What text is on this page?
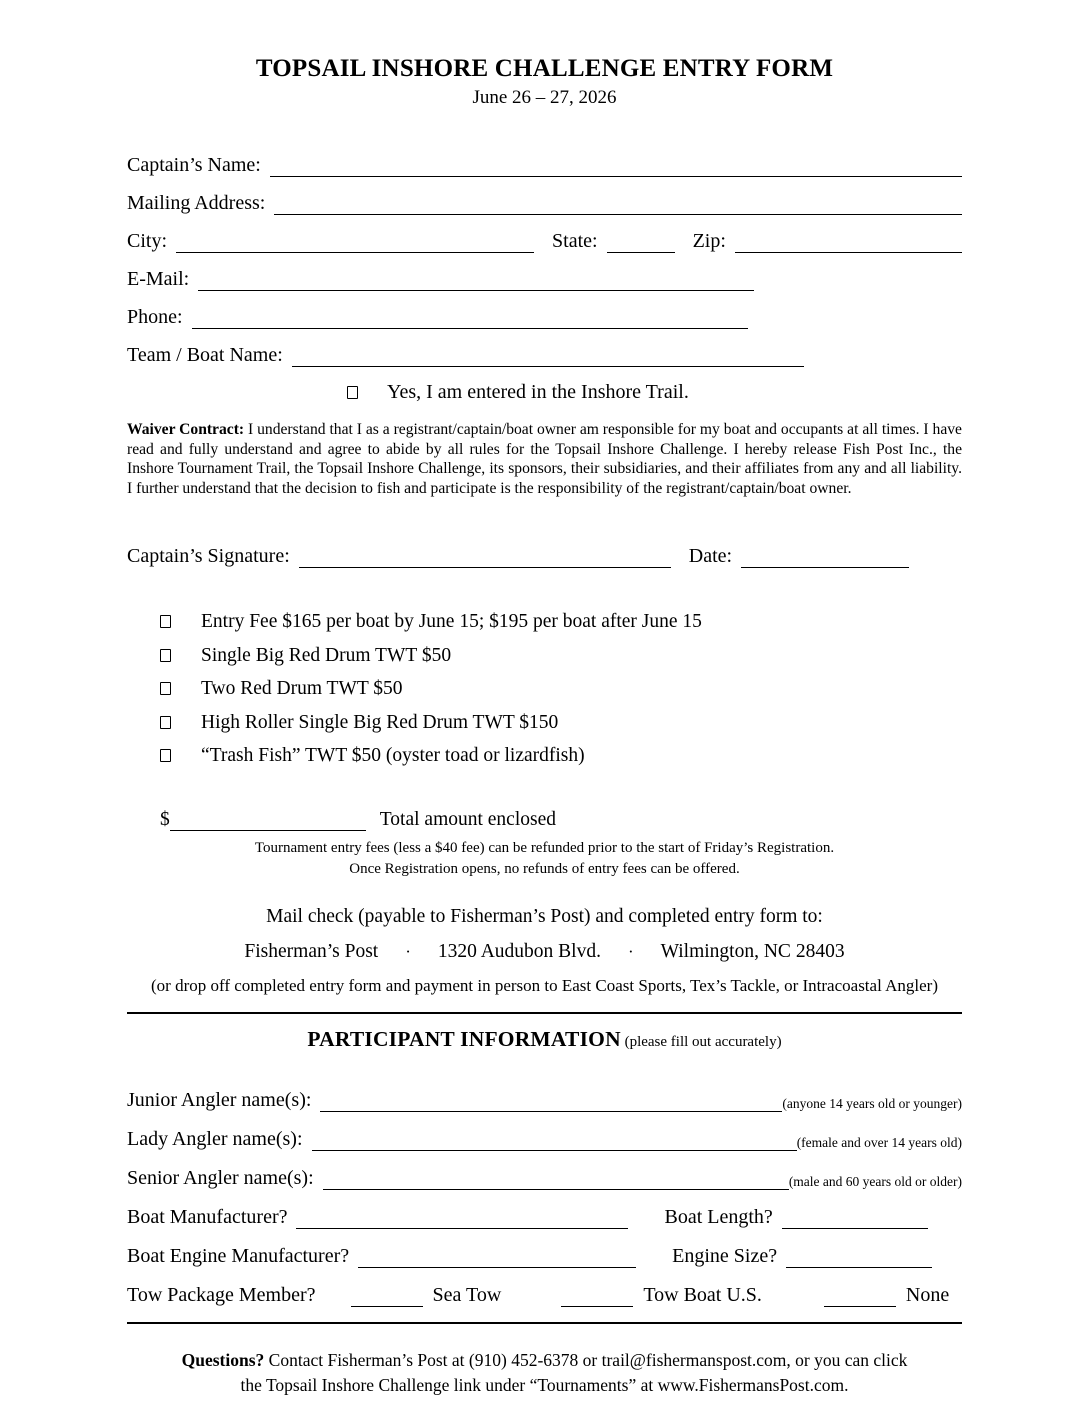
TOPSAIL INSHORE CHALLENGE ENTRY FORM
June 26 – 27, 2026
Captain’s Name:
Mailing Address:
City:	State:	Zip:
E-Mail:
Phone:
Team / Boat Name:
Yes, I am entered in the Inshore Trail.

Waiver Contract: I understand that I as a registrant/captain/boat owner am responsible for my boat and occupants at all times. I have read and fully understand and agree to abide by all rules for the Topsail Inshore Challenge. I hereby release Fish Post Inc., the Inshore Tournament Trail, the Topsail Inshore Challenge, its sponsors, their subsidiaries, and their affiliates from any and all liability. I further understand that the decision to fish and participate is the responsibility of the registrant/captain/boat owner.

Captain’s Signature:	Date:
Entry Fee $165 per boat by June 15; $195 per boat after June 15
Single Big Red Drum TWT $50
Two Red Drum TWT $50
High Roller Single Big Red Drum TWT $150
“Trash Fish” TWT $50 (oyster toad or lizardfish)
$	Total amount enclosed
Tournament entry fees (less a $40 fee) can be refunded prior to the start of Friday’s Registration.
Once Registration opens, no refunds of entry fees can be offered.
Mail check (payable to Fisherman’s Post) and completed entry form to:
Fisherman’s Post · 1320 Audubon Blvd. · Wilmington, NC 28403
(or drop off completed entry form and payment in person to East Coast Sports, Tex’s Tackle, or Intracoastal Angler)
PARTICIPANT INFORMATION (please fill out accurately)
Junior Angler name(s):	(anyone 14 years old or younger)
Lady Angler name(s):	(female and over 14 years old)
Senior Angler name(s):	(male and 60 years old or older)
Boat Manufacturer?	Boat Length?
Boat Engine Manufacturer?	Engine Size?
Tow Package Member?	Sea Tow	Tow Boat U.S.	None
Questions? Contact Fisherman’s Post at (910) 452-6378 or trail@fishermanspost.com, or you can click
the Topsail Inshore Challenge link under “Tournaments” at www.FishermansPost.com.
